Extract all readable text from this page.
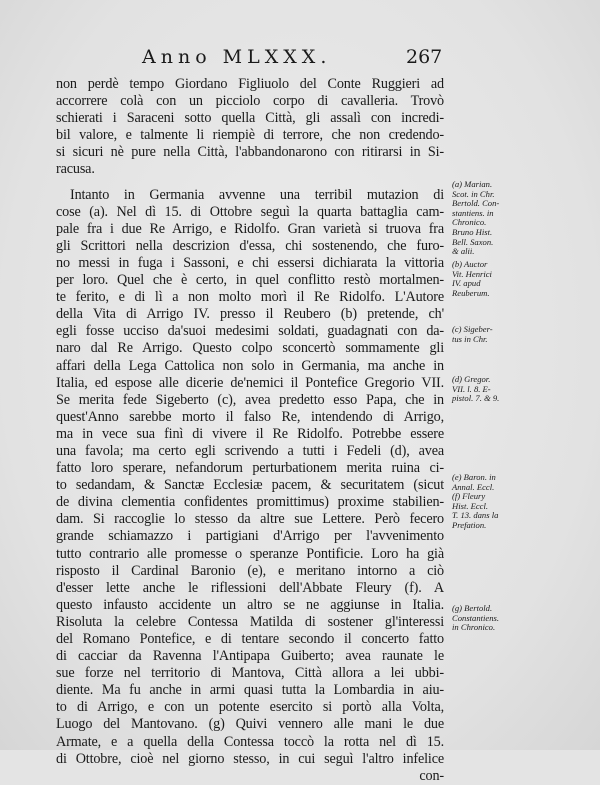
Anno MLXXX.	267
non perdè tempo Giordano Figliuolo del Conte Ruggieri ad
accorrere colà con un picciolo corpo di cavalleria. Trovò
schierati i Saraceni sotto quella Città, gli assalì con incredi-
bil valore, e talmente li riempiè di terrore, che non credendo-
si sicuri nè pure nella Città, l'abbandonarono con ritirarsi in Si-
racusa.
Intanto in Germania avvenne una terribil mutazion di
cose (a). Nel dì 15. di Ottobre seguì la quarta battaglia cam-
pale fra i due Re Arrigo, e Ridolfo. Gran varietà si truova fra
gli Scrittori nella descrizion d'essa, chi sostenendo, che furo-
no messi in fuga i Sassoni, e chi essersi dichiarata la vittoria
per loro. Quel che è certo, in quel conflitto restò mortalmen-
te ferito, e di lì a non molto morì il Re Ridolfo. L'Autore
della Vita di Arrigo IV. presso il Reubero (b) pretende, ch'
egli fosse ucciso da'suoi medesimi soldati, guadagnati con da-
naro dal Re Arrigo. Questo colpo sconcertò sommamente gli
affari della Lega Cattolica non solo in Germania, ma anche in
Italia, ed espose alle dicerie de'nemici il Pontefice Gregorio VII.
Se merita fede Sigeberto (c), avea predetto esso Papa, che in
quest'Anno sarebbe morto il falso Re, intendendo di Arrigo,
ma in vece sua finì di vivere il Re Ridolfo. Potrebbe essere
una favola; ma certo egli scrivendo a tutti i Fedeli (d), avea
fatto loro sperare, nefandorum perturbationem merita ruina ci-
to sedandam, & Sanctæ Ecclesiæ pacem, & securitatem (sicut
de divina clementia confidentes promittimus) proxime stabilien-
dam. Si raccoglie lo stesso da altre sue Lettere. Però fecero
grande schiamazzo i partigiani d'Arrigo per l'avvenimento
tutto contrario alle promesse o speranze Pontificie. Loro ha già
risposto il Cardinal Baronio (e), e meritano intorno a ciò
d'esser lette anche le riflessioni dell'Abbate Fleury (f). A
questo infausto accidente un altro se ne aggiunse in Italia.
Risoluta la celebre Contessa Matilda di sostener gl'interessi
del Romano Pontefice, e di tentare secondo il concerto fatto
di cacciar da Ravenna l'Antipapa Guiberto; avea raunate le
sue forze nel territorio di Mantova, Città allora a lei ubbi-
diente. Ma fu anche in armi quasi tutta la Lombardia in aiu-
to di Arrigo, e con un potente esercito si portò alla Volta,
Luogo del Mantovano. (g) Quivi vennero alle mani le due
Armate, e a quella della Contessa toccò la rotta nel dì 15.
di Ottobre, cioè nel giorno stesso, in cui seguì l'altro infelice
con-
(a) Marian.
Scot. in Chr.
Bertold. Con-
stantiens. in
Chronico.
Bruno Hist.
Bell. Saxon.
& alii.
(b) Auctor
Vit. Henrici
IV. apud
Reuberum.
(c) Sigeber-
tus in Chr.
(d) Gregor.
VII. l. 8. E-
pistol. 7. & 9.
(e) Baron. in
Annal. Eccl.
(f) Fleury
Hist. Eccl.
T. 13. dans la
Prefation.
(g) Bertold.
Constantiens.
in Chronico.
